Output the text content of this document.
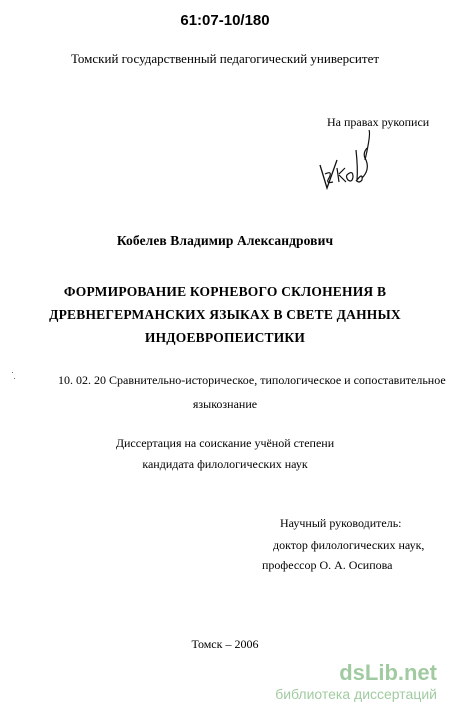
61:07-10/180
Томский государственный педагогический университет
На правах рукописи
Кобелев Владимир Александрович
ФОРМИРОВАНИЕ КОРНЕВОГО СКЛОНЕНИЯ В
ДРЕВНЕГЕРМАНСКИХ ЯЗЫКАХ В СВЕТЕ ДАННЫХ
ИНДОЕВРОПЕИСТИКИ
10. 02. 20 Сравнительно-историческое, типологическое и сопоставительное
языкознание
Диссертация на соискание учёной степени
кандидата филологических наук
Научный руководитель:
доктор филологических наук,
профессор О. А. Осипова
Томск – 2006
dsLib.net
библиотека диссертаций
